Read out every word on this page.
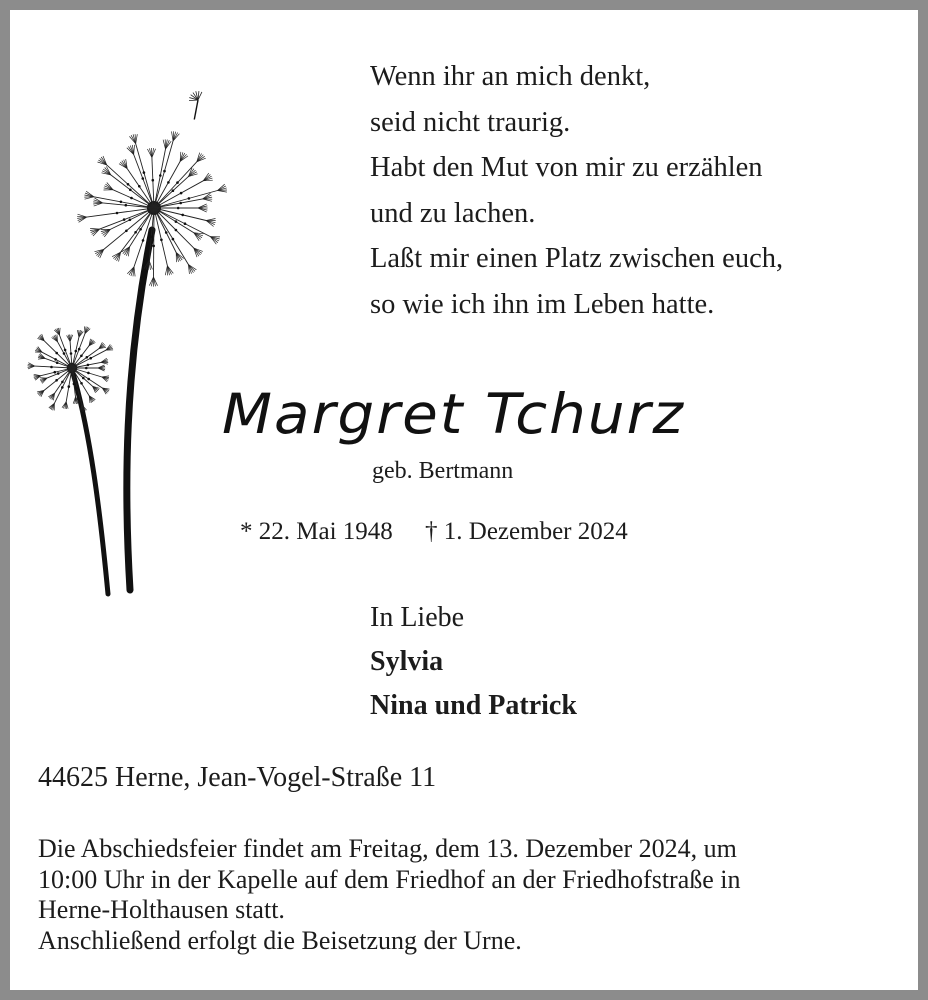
Wenn ihr an mich denkt,
seid nicht traurig.
Habt den Mut von mir zu erzählen
und zu lachen.
Laßt mir einen Platz zwischen euch,
so wie ich ihn im Leben hatte.
Margret Tchurz
geb. Bertmann
* 22. Mai 1948 † 1. Dezember 2024
In Liebe
Sylvia
Nina und Patrick
44625 Herne, Jean-Vogel-Straße 11
Die Abschiedsfeier findet am Freitag, dem 13. Dezember 2024, um
10:00 Uhr in der Kapelle auf dem Friedhof an der Friedhofstraße in
Herne-Holthausen statt.
Anschließend erfolgt die Beisetzung der Urne.
